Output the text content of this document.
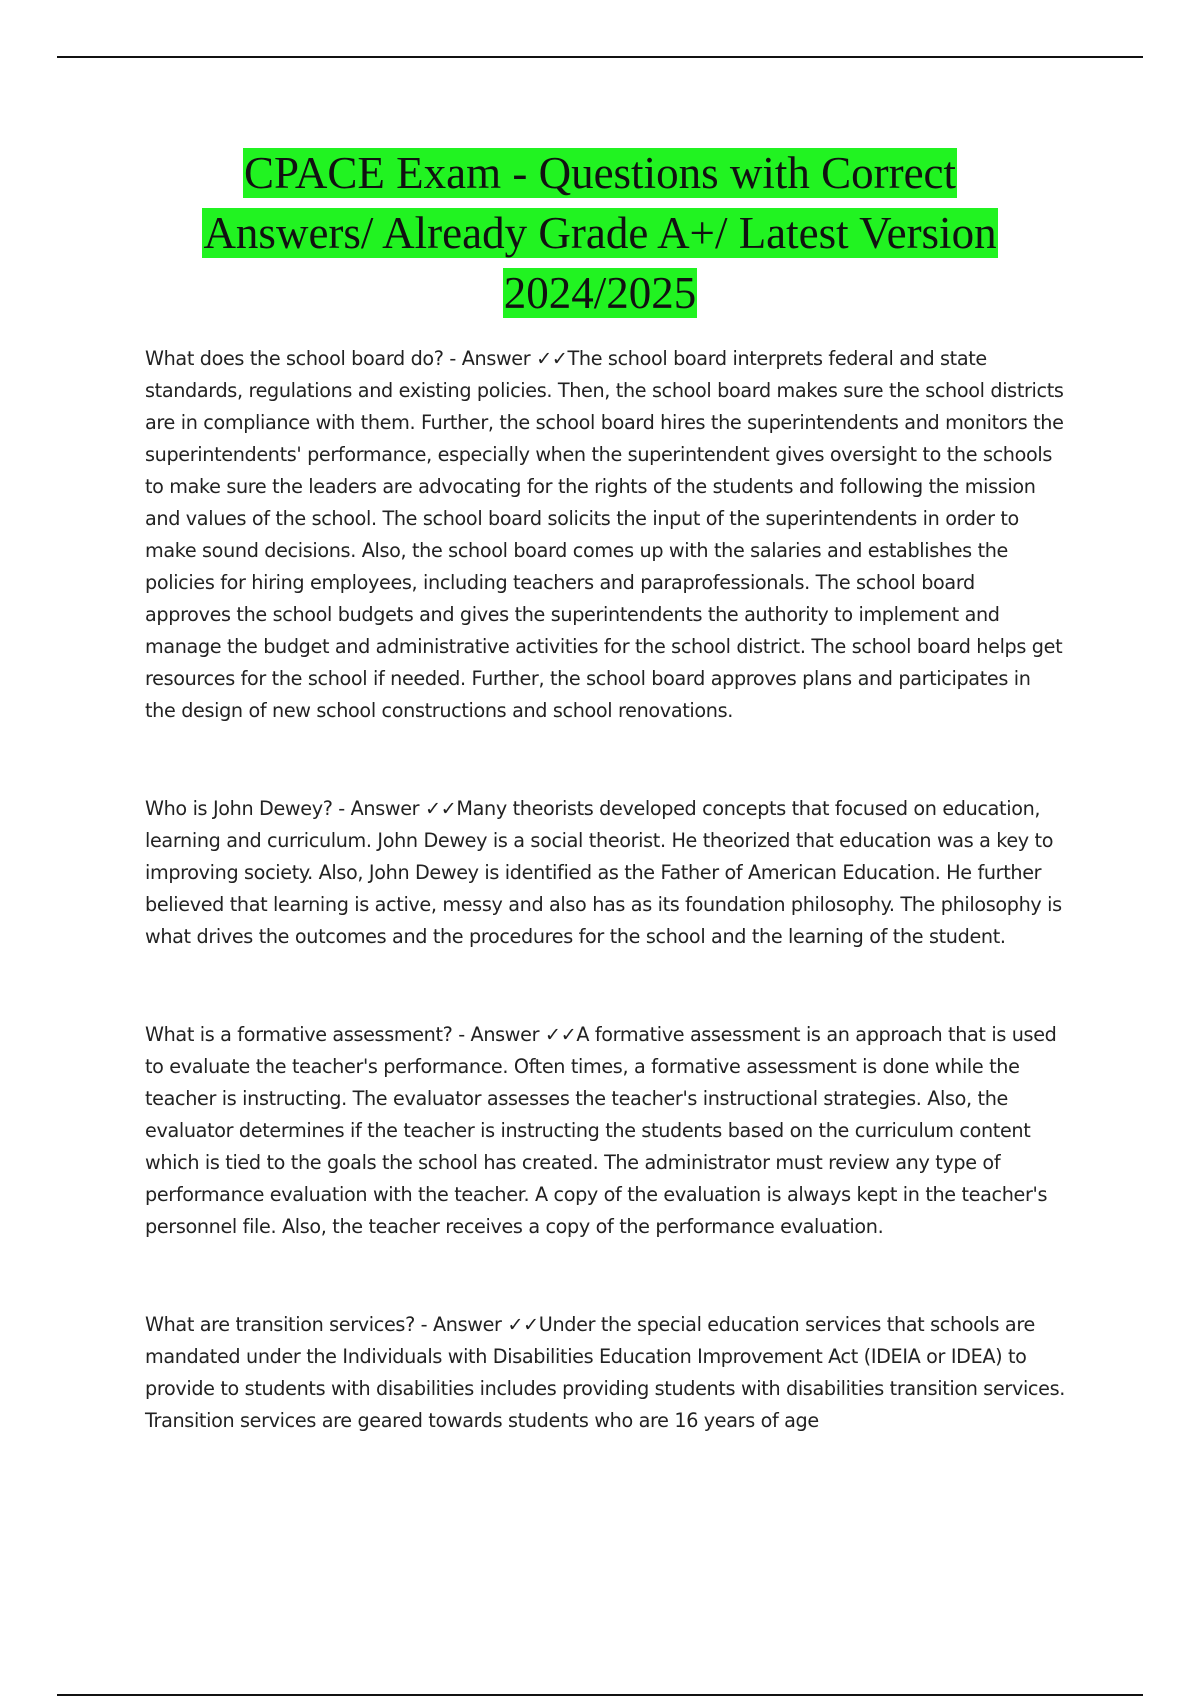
CPACE Exam - Questions with Correct
Answers/ Already Grade A+/ Latest Version
2024/2025

What does the school board do? - Answer ✓✓The school board interprets federal and state standards, regulations and existing policies. Then, the school board makes sure the school districts are in compliance with them. Further, the school board hires the superintendents and monitors the superintendents' performance, especially when the superintendent gives oversight to the schools to make sure the leaders are advocating for the rights of the students and following the mission and values of the school. The school board solicits the input of the superintendents in order to make sound decisions. Also, the school board comes up with the salaries and establishes the policies for hiring employees, including teachers and paraprofessionals. The school board approves the school budgets and gives the superintendents the authority to implement and manage the budget and administrative activities for the school district. The school board helps get resources for the school if needed. Further, the school board approves plans and participates in the design of new school constructions and school renovations.

Who is John Dewey? - Answer ✓✓Many theorists developed concepts that focused on education, learning and curriculum. John Dewey is a social theorist. He theorized that education was a key to improving society. Also, John Dewey is identified as the Father of American Education. He further believed that learning is active, messy and also has as its foundation philosophy. The philosophy is what drives the outcomes and the procedures for the school and the learning of the student.

What is a formative assessment? - Answer ✓✓A formative assessment is an approach that is used to evaluate the teacher's performance. Often times, a formative assessment is done while the teacher is instructing. The evaluator assesses the teacher's instructional strategies. Also, the evaluator determines if the teacher is instructing the students based on the curriculum content which is tied to the goals the school has created. The administrator must review any type of performance evaluation with the teacher. A copy of the evaluation is always kept in the teacher's personnel file. Also, the teacher receives a copy of the performance evaluation.

What are transition services? - Answer ✓✓Under the special education services that schools are mandated under the Individuals with Disabilities Education Improvement Act (IDEIA or IDEA) to provide to students with disabilities includes providing students with disabilities transition services. Transition services are geared towards students who are 16 years of age
